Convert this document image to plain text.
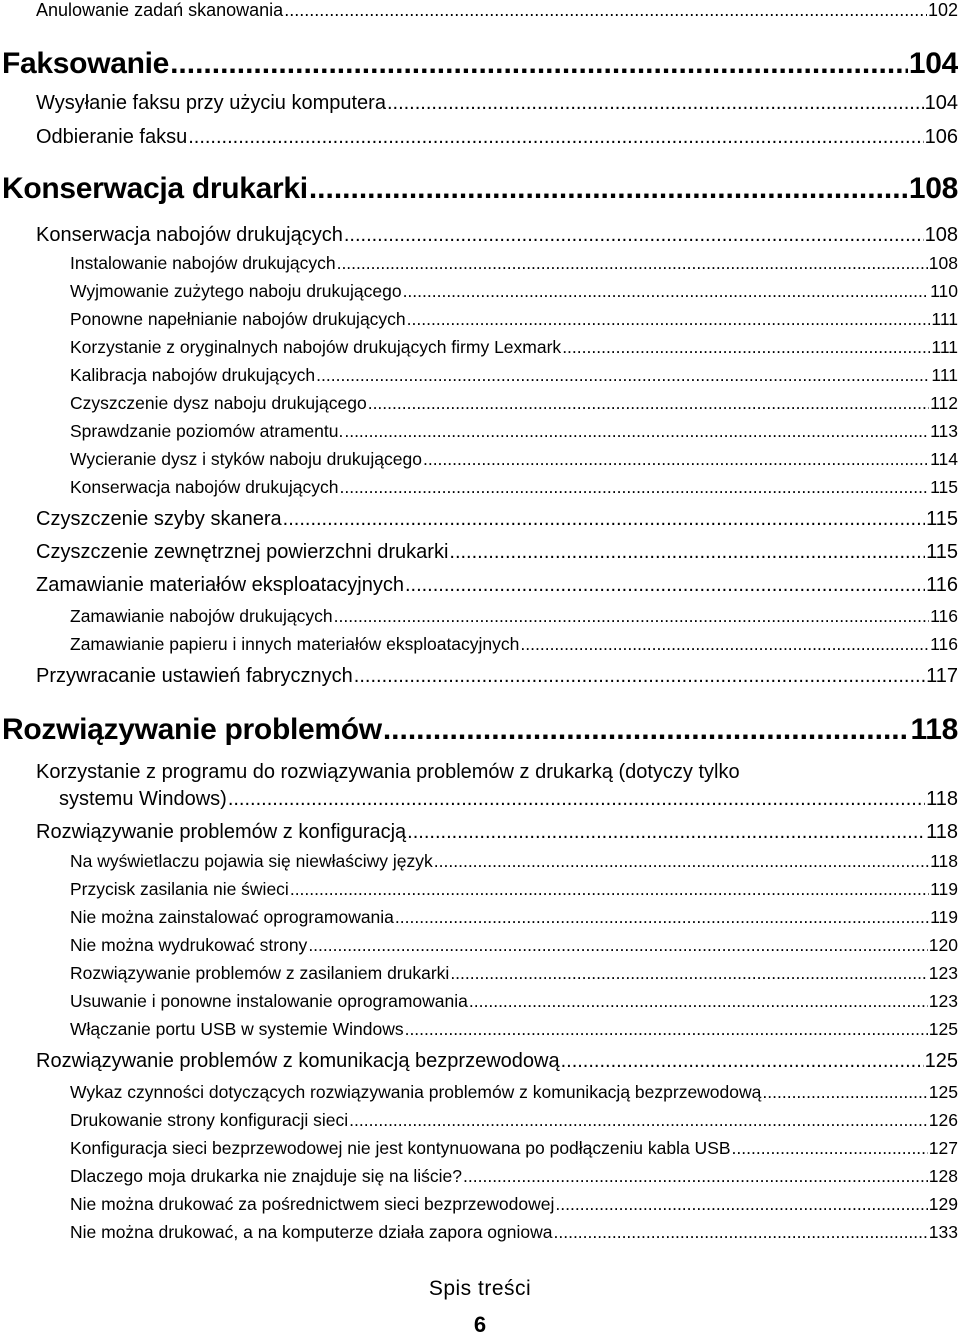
Anulowanie zadań skanowania .....	102
Faksowanie .....	104
Wysyłanie faksu przy użyciu komputera .....	104
Odbieranie faksu .....	106
Konserwacja drukarki .....	108
Konserwacja nabojów drukujących .....	108
Instalowanie nabojów drukujących .....	108
Wyjmowanie zużytego naboju drukującego .....	110
Ponowne napełnianie nabojów drukujących .....	111
Korzystanie z oryginalnych nabojów drukujących firmy Lexmark .....	111
Kalibracja nabojów drukujących .....	111
Czyszczenie dysz naboju drukującego .....	112
Sprawdzanie poziomów atramentu. .....	113
Wycieranie dysz i styków naboju drukującego .....	114
Konserwacja nabojów drukujących .....	115
Czyszczenie szyby skanera .....	115
Czyszczenie zewnętrznej powierzchni drukarki .....	115
Zamawianie materiałów eksploatacyjnych .....	116
Zamawianie nabojów drukujących .....	116
Zamawianie papieru i innych materiałów eksploatacyjnych .....	116
Przywracanie ustawień fabrycznych .....	117
Rozwiązywanie problemów .....	118
Korzystanie z programu do rozwiązywania problemów z drukarką (dotyczy tylko
systemu Windows) .....	118
Rozwiązywanie problemów z konfiguracją .....	118
Na wyświetlaczu pojawia się niewłaściwy język .....	118
Przycisk zasilania nie świeci .....	119
Nie można zainstalować oprogramowania .....	119
Nie można wydrukować strony .....	120
Rozwiązywanie problemów z zasilaniem drukarki .....	123
Usuwanie i ponowne instalowanie oprogramowania .....	123
Włączanie portu USB w systemie Windows .....	125
Rozwiązywanie problemów z komunikacją bezprzewodową .....	125
Wykaz czynności dotyczących rozwiązywania problemów z komunikacją bezprzewodową .....	125
Drukowanie strony konfiguracji sieci .....	126
Konfiguracja sieci bezprzewodowej nie jest kontynuowana po podłączeniu kabla USB .....	127
Dlaczego moja drukarka nie znajduje się na liście? .....	128
Nie można drukować za pośrednictwem sieci bezprzewodowej .....	129
Nie można drukować, a na komputerze działa zapora ogniowa .....	133
Spis treści
6
